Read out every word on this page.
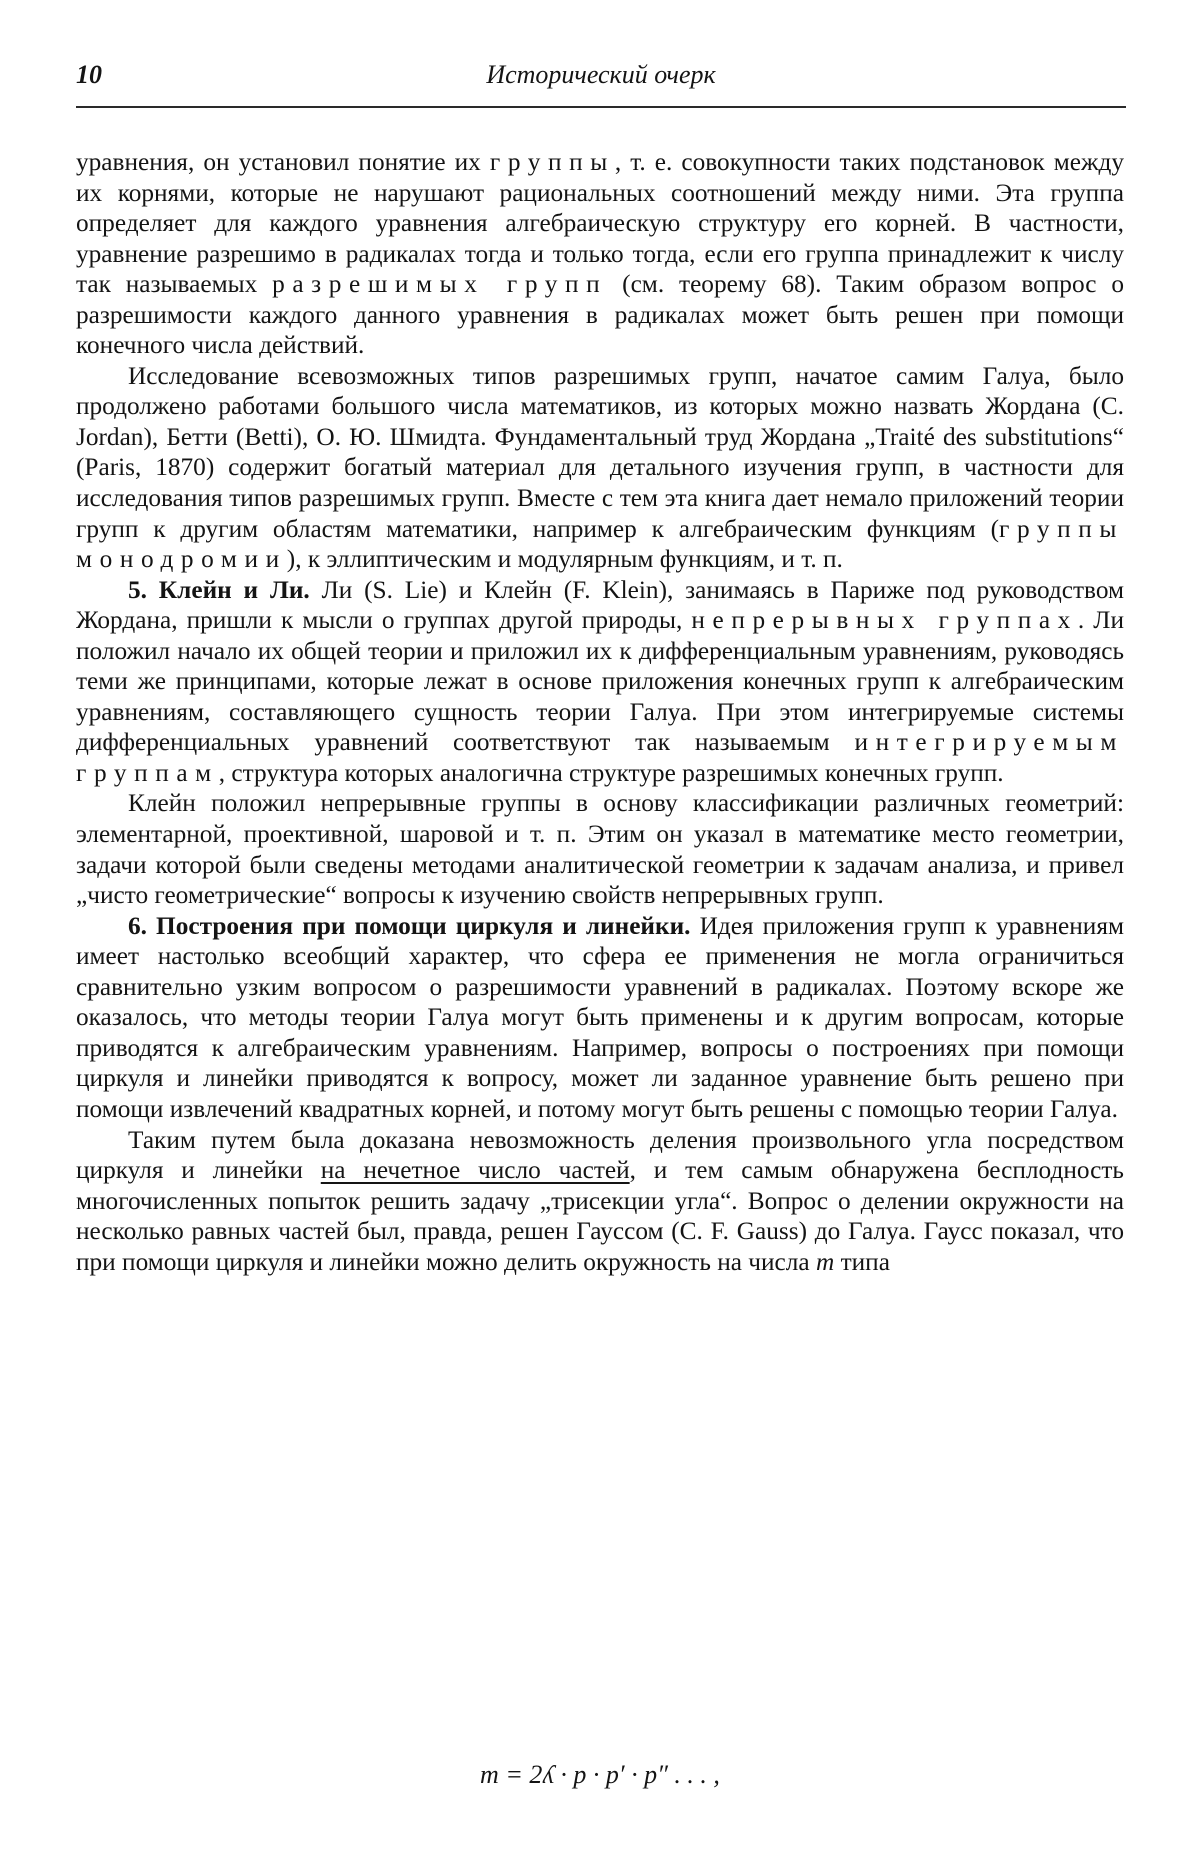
10	Исторический очерк

уравнения, он установил понятие их группы, т. е. совокупности таких подстановок между их корнями, которые не нарушают рациональных соотношений между ними. Эта группа определяет для каждого уравнения алгебраическую структуру его корней. В частности, уравнение разрешимо в радикалах тогда и только тогда, если его группа принадлежит к числу так называемых разрешимых групп (см. теорему 68). Таким образом вопрос о разрешимости каждого данного уравнения в радикалах может быть решен при помощи конечного числа действий.

Исследование всевозможных типов разрешимых групп, начатое самим Галуа, было продолжено работами большого числа математиков, из которых можно назвать Жордана (С. Jordan), Бетти (Betti), О. Ю. Шмидта. Фундаментальный труд Жордана „Traité des substitutions“ (Paris, 1870) содержит богатый материал для детального изучения групп, в частности для исследования типов разрешимых групп. Вместе с тем эта книга дает немало приложений теории групп к другим областям математики, например к алгебраическим функциям (группы монодромии), к эллиптическим и модулярным функциям, и т. п.

5. Клейн и Ли. Ли (S. Lie) и Клейн (F. Klein), занимаясь в Париже под руководством Жордана, пришли к мысли о группах другой природы, непрерывных группах. Ли положил начало их общей теории и приложил их к дифференциальным уравнениям, руководясь теми же принципами, которые лежат в основе приложения конечных групп к алгебраическим уравнениям, составляющего сущность теории Галуа. При этом интегрируемые системы дифференциальных уравнений соответствуют так называемым интегрируемым группам, структура которых аналогична структуре разрешимых конечных групп.

Клейн положил непрерывные группы в основу классификации различных геометрий: элементарной, проективной, шаровой и т. п. Этим он указал в математике место геометрии, задачи которой были сведены методами аналитической геометрии к задачам анализа, и привел „чисто геометрические“ вопросы к изучению свойств непрерывных групп.

6. Построения при помощи циркуля и линейки. Идея приложения групп к уравнениям имеет настолько всеобщий характер, что сфера ее применения не могла ограничиться сравнительно узким вопросом о разрешимости уравнений в радикалах. Поэтому вскоре же оказалось, что методы теории Галуа могут быть применены и к другим вопросам, которые приводятся к алгебраическим уравнениям. Например, вопросы о построениях при помощи циркуля и линейки приводятся к вопросу, может ли заданное уравнение быть решено при помощи извлечений квадратных корней, и потому могут быть решены с помощью теории Галуа.

Таким путем была доказана невозможность деления произвольного угла посредством циркуля и линейки на нечетное число частей, и тем самым обнаружена бесплодность многочисленных попыток решить задачу „трисекции угла“. Вопрос о делении окружности на несколько равных частей был, правда, решен Гауссом (С. F. Gauss) до Галуа. Гаусс показал, что при помощи циркуля и линейки можно делить окружность на числа m типа

m = 2ʎ · p · p′ · p″ . . . ,
